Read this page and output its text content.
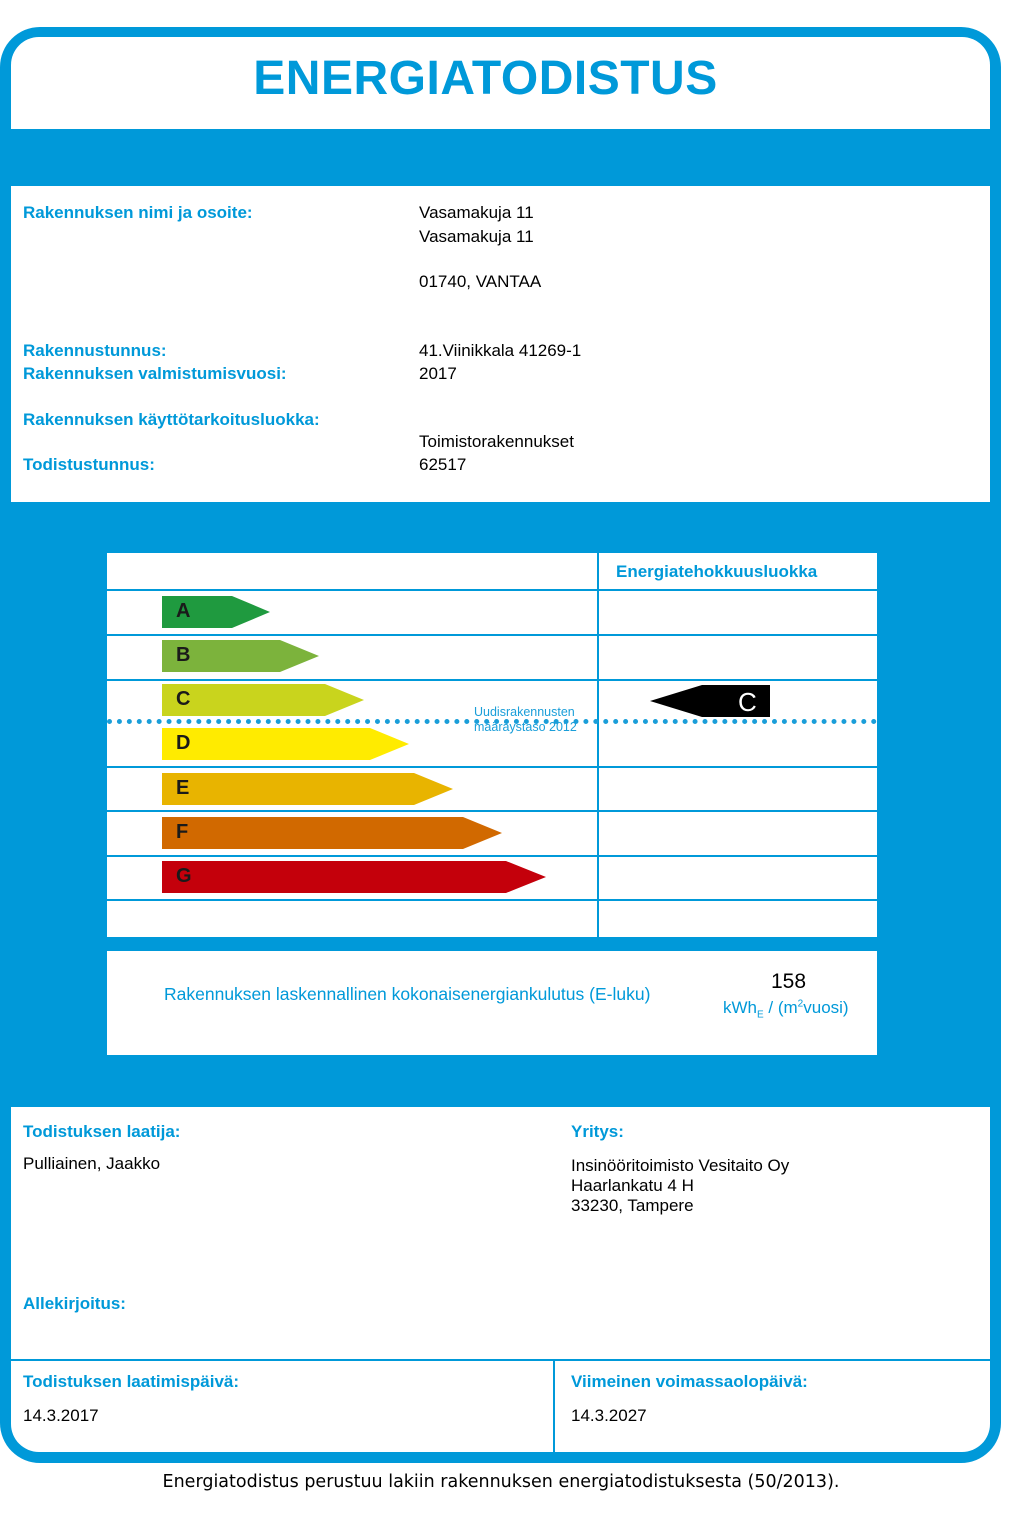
ENERGIATODISTUS
Rakennuksen nimi ja osoite:	Vasamakuja 11
Vasamakuja 11
01740, VANTAA
Rakennustunnus:	41.Viinikkala 41269-1
Rakennuksen valmistumisvuosi:	2017
Rakennuksen käyttötarkoitusluokka:
Toimistorakennukset
Todistustunnus:	62517
Energiatehokkuusluokka
A
B
C
D
E
F
G
Uudisrakennusten
määräystaso 2012
C
Rakennuksen laskennallinen kokonaisenergiankulutus (E-luku)
158
$kWh_E / (m^2vuosi)$
Todistuksen laatija:
Pulliainen, Jaakko
Yritys:
Insinööritoimisto Vesitaito Oy
Haarlankatu 4 H
33230, Tampere
Allekirjoitus:
Todistuksen laatimispäivä:
14.3.2017
Viimeinen voimassaolopäivä:
14.3.2027
Energiatodistus perustuu lakiin rakennuksen energiatodistuksesta (50/2013).
